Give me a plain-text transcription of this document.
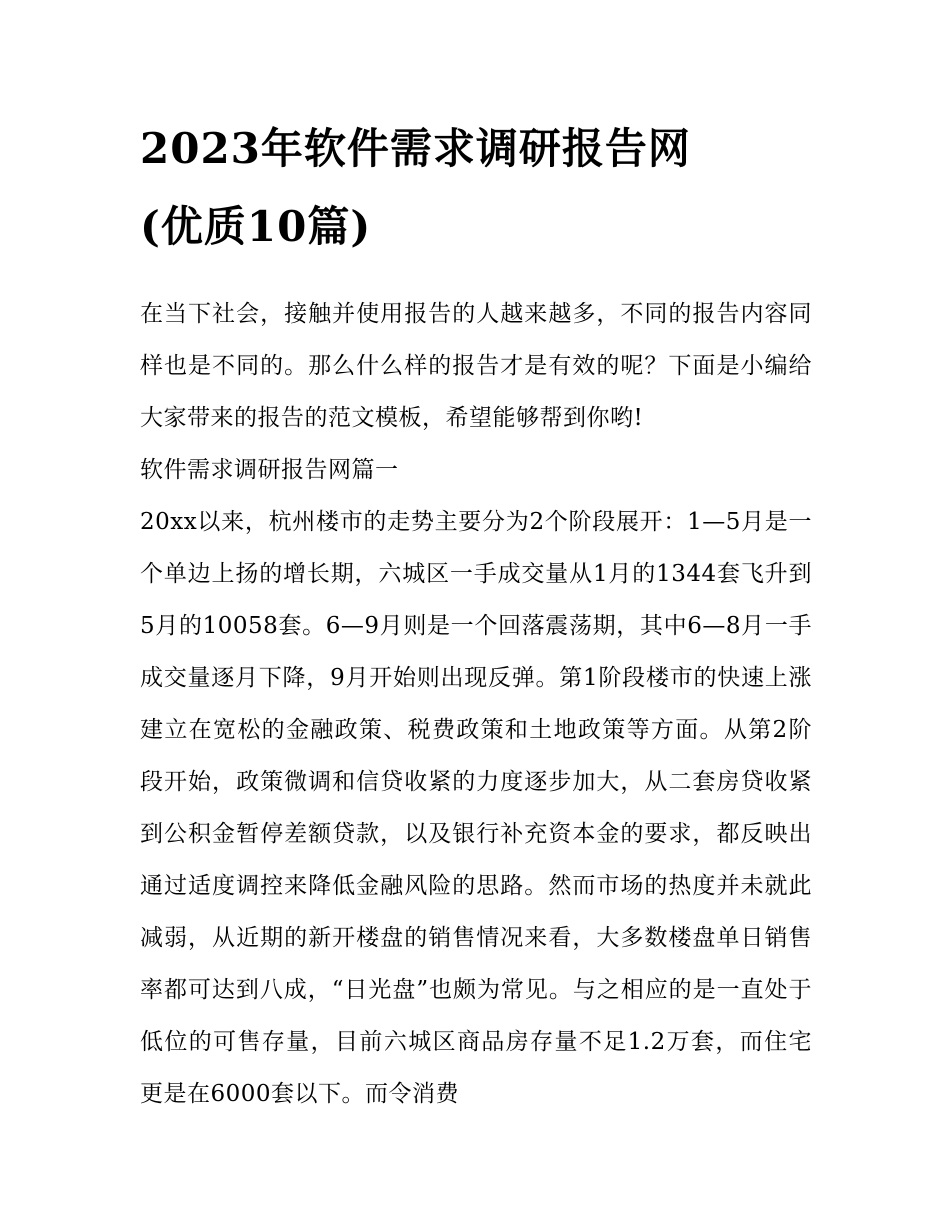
2023年软件需求调研报告网
(优质10篇)

在当下社会，接触并使用报告的人越来越多，不同的报告内容同样也是不同的。那么什么样的报告才是有效的呢？下面是小编给大家带来的报告的范文模板，希望能够帮到你哟!

软件需求调研报告网篇一

20xx以来，杭州楼市的走势主要分为2个阶段展开：1—5月是一个单边上扬的增长期，六城区一手成交量从1月的1344套飞升到5月的10058套。6—9月则是一个回落震荡期，其中6—8月一手成交量逐月下降，9月开始则出现反弹。第1阶段楼市的快速上涨建立在宽松的金融政策、税费政策和土地政策等方面。从第2阶段开始，政策微调和信贷收紧的力度逐步加大，从二套房贷收紧到公积金暂停差额贷款，以及银行补充资本金的要求，都反映出通过适度调控来降低金融风险的思路。然而市场的热度并未就此减弱，从近期的新开楼盘的销售情况来看，大多数楼盘单日销售率都可达到八成，“日光盘”也颇为常见。与之相应的是一直处于低位的可售存量，目前六城区商品房存量不足1.2万套，而住宅更是在6000套以下。而令消费
